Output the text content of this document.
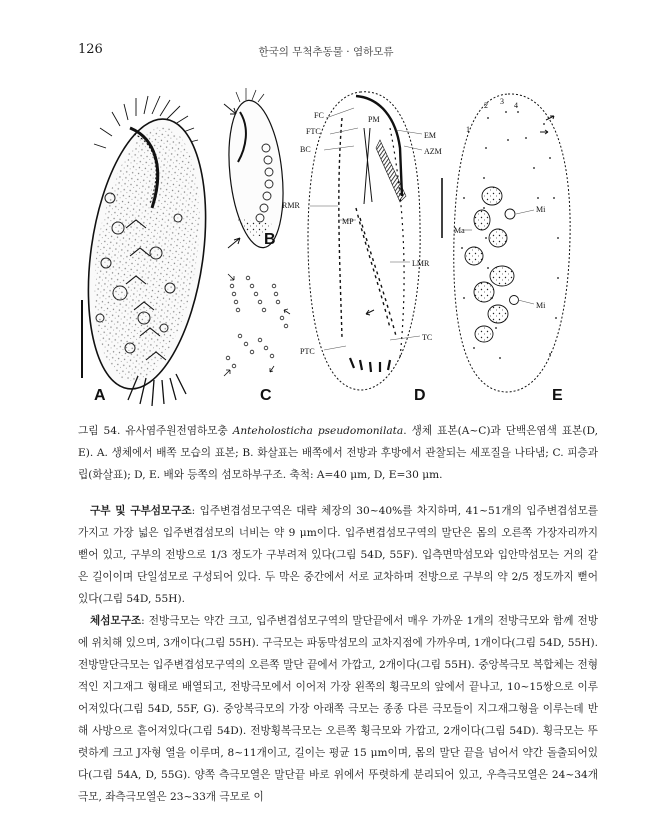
126	한국의 무척추동물 · 염하모류
A
B
C
FC
FTC
BC
PM
EM
AZM
RMR
MP
LMR
TC
PTC
D
1
2 3 4
Mi
Ma
Mi
E
그림 54. 유사염주원전염하모충 Anteholosticha pseudomonilata. 생체 표본(A~C)과 단백은염색 표본(D, E). A. 생체에서 배쪽 모습의 표본; B. 화살표는 배쪽에서 전방과 후방에서 관찰되는 세포질을 나타냄; C. 피층과립(화살표); D, E. 배와 등쪽의 섬모하부구조. 축척: A=40 μm, D, E=30 μm.

구부 및 구부섬모구조: 입주변겹섬모구역은 대략 체장의 30~40%를 차지하며, 41~51개의 입주변겹섬모를 가지고 가장 넓은 입주변겹섬모의 너비는 약 9 μm이다. 입주변겹섬모구역의 말단은 몸의 오른쪽 가장자리까지 뻗어 있고, 구부의 전방으로 1/3 정도가 구부려져 있다(그림 54D, 55F). 입측면막섬모와 입안막섬모는 거의 같은 길이이며 단일섬모로 구성되어 있다. 두 막은 중간에서 서로 교차하며 전방으로 구부의 약 2/5 정도까지 뻗어있다(그림 54D, 55H).

체섬모구조: 전방극모는 약간 크고, 입주변겹섬모구역의 말단끝에서 매우 가까운 1개의 전방극모와 함께 전방에 위치해 있으며, 3개이다(그림 55H). 구극모는 파동막섬모의 교차지점에 가까우며, 1개이다(그림 54D, 55H). 전방말단극모는 입주변겹섬모구역의 오른쪽 말단 끝에서 가깝고, 2개이다(그림 55H). 중앙복극모 복합체는 전형적인 지그재그 형태로 배열되고, 전방극모에서 이어져 가장 왼쪽의 횡극모의 앞에서 끝나고, 10~15쌍으로 이루어져있다(그림 54D, 55F, G). 중앙복극모의 가장 아래쪽 극모는 종종 다른 극모들이 지그재그형을 이루는데 반해 사방으로 흩어져있다(그림 54D). 전방횡복극모는 오른쪽 횡극모와 가깝고, 2개이다(그림 54D). 횡극모는 뚜렷하게 크고 J자형 열을 이루며, 8~11개이고, 길이는 평균 15 μm이며, 몸의 말단 끝을 넘어서 약간 돌출되어있다(그림 54A, D, 55G). 양쪽 측극모열은 말단끝 바로 위에서 뚜렷하게 분리되어 있고, 우측극모열은 24~34개 극모, 좌측극모열은 23~33개 극모로 이
